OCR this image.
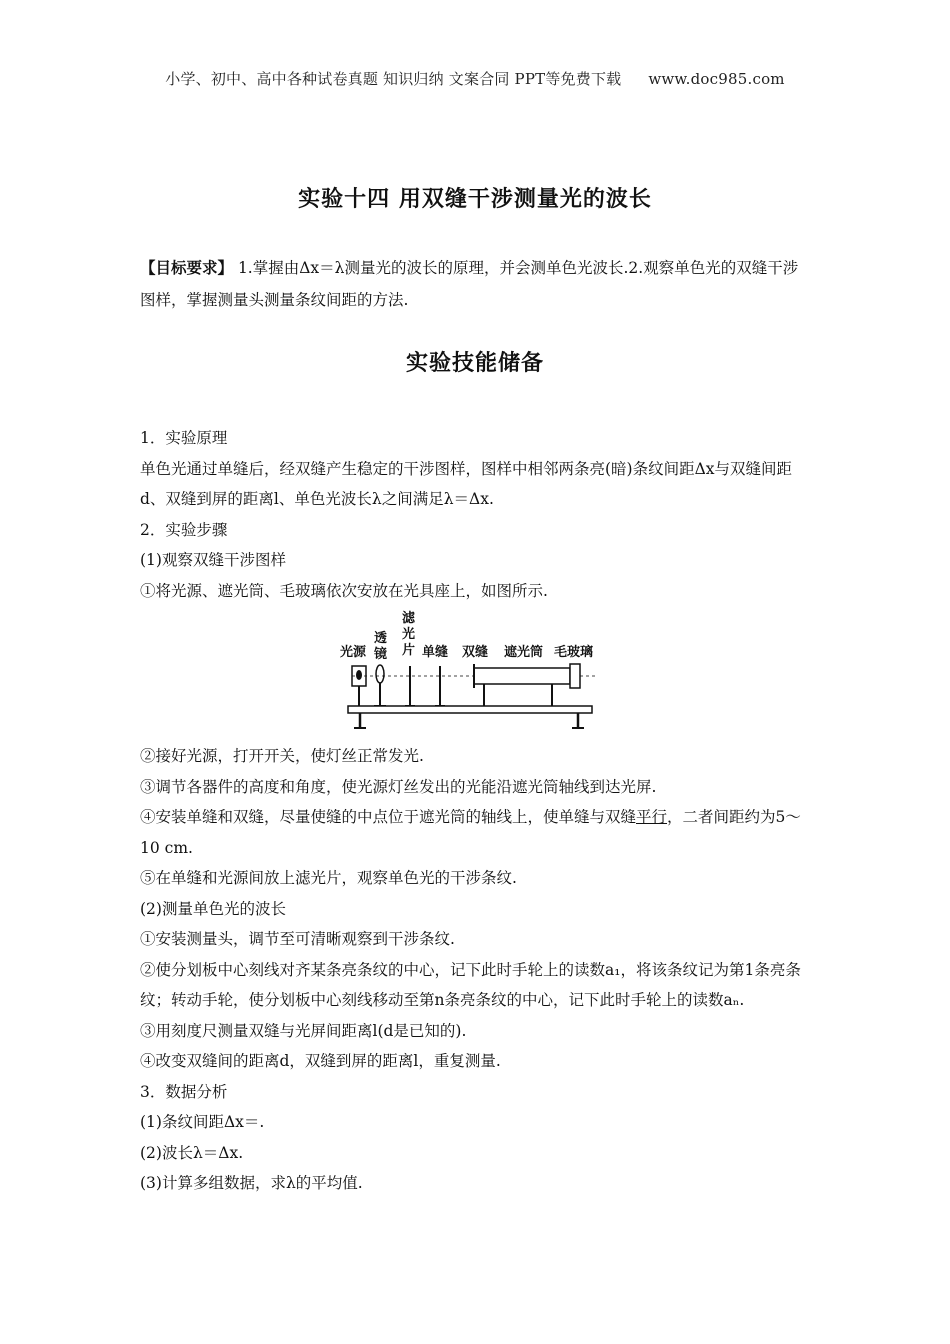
小学、初中、高中各种试卷真题 知识归纳 文案合同 PPT等免费下载 www.doc985.com
实验十四 用双缝干涉测量光的波长
【目标要求】 1.掌握由Δx＝λ测量光的波长的原理，并会测单色光波长.2.观察单色光的双缝干涉图样，掌握测量头测量条纹间距的方法.
实验技能储备

1．实验原理

单色光通过单缝后，经双缝产生稳定的干涉图样，图样中相邻两条亮(暗)条纹间距Δx与双缝间距d、双缝到屏的距离l、单色光波长λ之间满足λ＝Δx.

2．实验步骤

(1)观察双缝干涉图样

①将光源、遮光筒、毛玻璃依次安放在光具座上，如图所示.

光源
透
镜
滤
光
片 单缝 双缝 遮光筒 毛玻璃

②接好光源，打开开关，使灯丝正常发光.

③调节各器件的高度和角度，使光源灯丝发出的光能沿遮光筒轴线到达光屏.

④安装单缝和双缝，尽量使缝的中点位于遮光筒的轴线上，使单缝与双缝平行，二者间距约为5～10 cm.

⑤在单缝和光源间放上滤光片，观察单色光的干涉条纹.

(2)测量单色光的波长

①安装测量头，调节至可清晰观察到干涉条纹.

②使分划板中心刻线对齐某条亮条纹的中心，记下此时手轮上的读数a₁，将该条纹记为第1条亮条纹；转动手轮，使分划板中心刻线移动至第n条亮条纹的中心，记下此时手轮上的读数aₙ.

③用刻度尺测量双缝与光屏间距离l(d是已知的).

④改变双缝间的距离d，双缝到屏的距离l，重复测量.

3．数据分析

(1)条纹间距Δx＝.

(2)波长λ＝Δx.

(3)计算多组数据，求λ的平均值.
